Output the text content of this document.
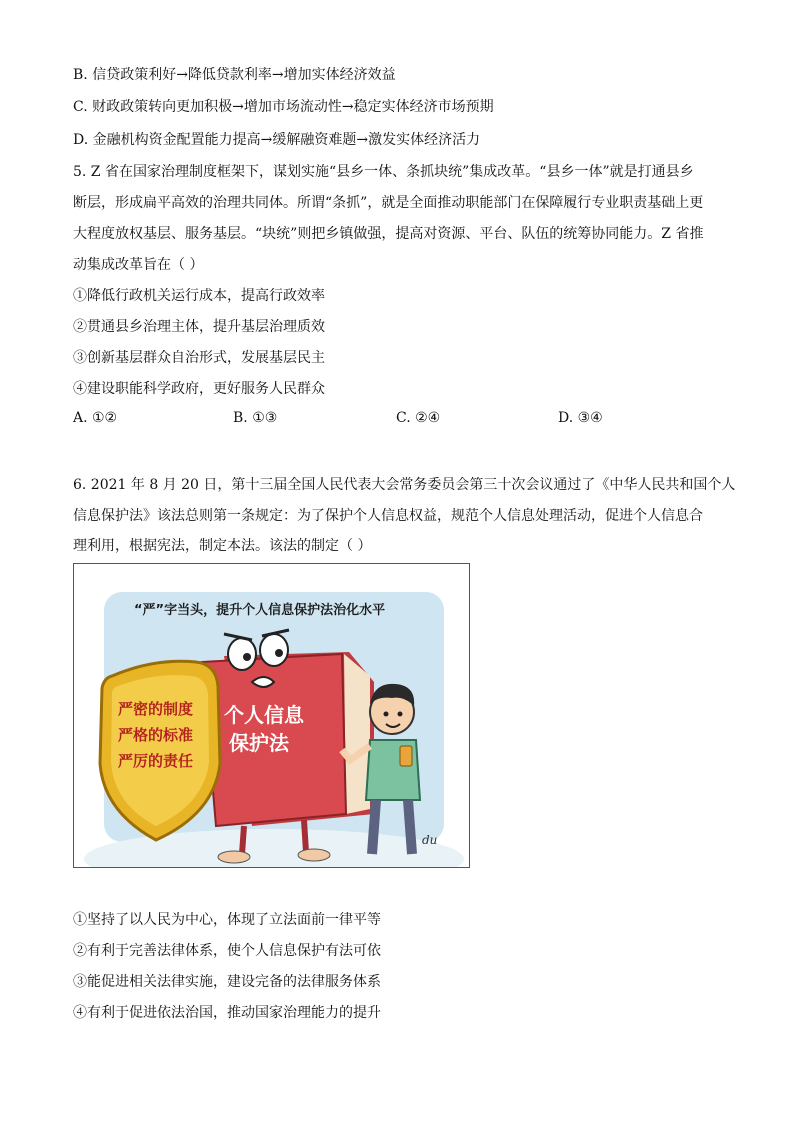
B. 信贷政策利好→降低贷款利率→增加实体经济效益
C. 财政政策转向更加积极→增加市场流动性→稳定实体经济市场预期
D. 金融机构资金配置能力提高→缓解融资难题→激发实体经济活力
5. Z 省在国家治理制度框架下，谋划实施“县乡一体、条抓块统”集成改革。“县乡一体”就是打通县乡
断层，形成扁平高效的治理共同体。所谓“条抓”，就是全面推动职能部门在保障履行专业职责基础上更
大程度放权基层、服务基层。“块统”则把乡镇做强，提高对资源、平台、队伍的统筹协同能力。Z 省推
动集成改革旨在（ ）
①降低行政机关运行成本，提高行政效率
②贯通县乡治理主体，提升基层治理质效
③创新基层群众自治形式，发展基层民主
④建设职能科学政府，更好服务人民群众
A. ①②	B. ①③	C. ②④	D. ③④
6. 2021 年 8 月 20 日，第十三届全国人民代表大会常务委员会第三十次会议通过了《中华人民共和国个人
信息保护法》该法总则第一条规定：为了保护个人信息权益，规范个人信息处理活动，促进个人信息合
理利用，根据宪法，制定本法。该法的制定（ ）
“严”字当头，提升个人信息保护法治化水平
个人信息
保护法
严密的制度
严格的标准
严厉的责任
du
①坚持了以人民为中心，体现了立法面前一律平等
②有利于完善法律体系，使个人信息保护有法可依
③能促进相关法律实施，建设完备的法律服务体系
④有利于促进依法治国，推动国家治理能力的提升
